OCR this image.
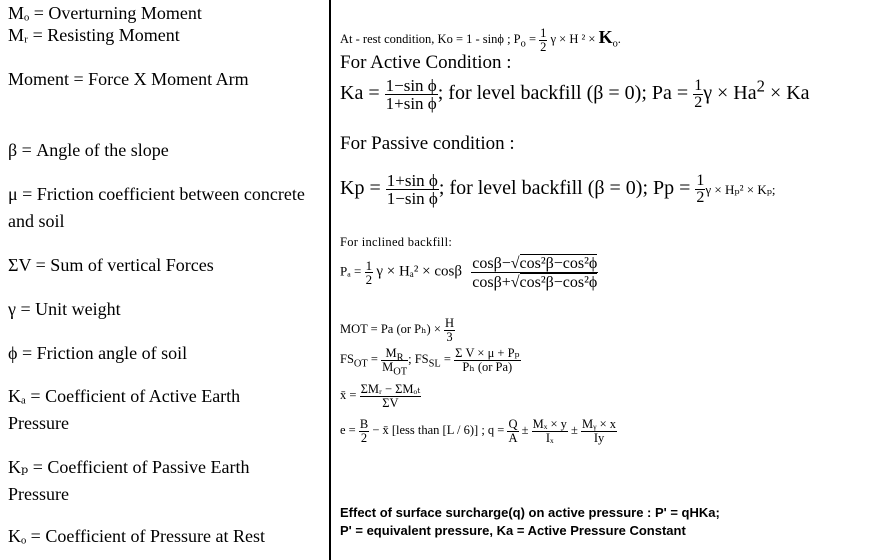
Mₒ = Overturning Moment
Mᵣ = Resisting Moment
Moment = Force X Moment Arm
β = Angle of the slope
μ = Friction coefficient between concrete and soil
ΣV = Sum of vertical Forces
γ = Unit weight
ϕ = Friction angle of soil
Kₐ = Coefficient of Active Earth Pressure
Kₚ = Coefficient of Passive Earth Pressure
Kₒ = Coefficient of Pressure at Rest
At - rest condition, Ko = 1 - sinϕ ; $P_o = \frac{1}{2}$ γ × H $^2 \times K_o$.
For Active Condition :
$Ka = \frac{\text{1−sin ϕ}}{\text{1+sin ϕ}}$ ; for level backfill (β = 0); $Pa = \frac{1}{2}$ $\gamma \times Ha^2 \times Ka$
For Passive condition :
$Kp = \frac{\text{1+sin ϕ}}{\text{1−sin ϕ}}$ ; for level backfill (β = 0); $Pp = \frac{1}{2}$ γ × Hₚ² × Kₚ;
For inclined backfill:
$P_a = \frac{1}{2}$ γ × Hₐ² × cosβ $\frac{\text{cosβ−√cos²β−cos²ϕ}}{\text{cosβ+√cos²β−cos²ϕ}}$
MOT = Pa (or $P_h) \times \frac{H}{3}$
$FS_{OT} = \frac{M_R}{M_{OT}}$ ; $FS_{SL} = \frac{\text{Σ V × μ + Pₚ}}{\text{Pₕ (or Pa)}}$
x̄ = $\frac{\text{ΣMᵣ − ΣMₒₜ}}{\Sigma V}$
$e = \frac{B}{2}$ − x̄ [less than [L / 6)] ; $q = \frac{Q}{A} \pm \frac{\text{Mₓ × y}}{\text{Iₓ}} \pm \frac{\text{Mᵧ × x}}{Iy}$
Effect of surface surcharge(q) on active pressure : P' = qHKa;
P' = equivalent pressure, Ka = Active Pressure Constant
